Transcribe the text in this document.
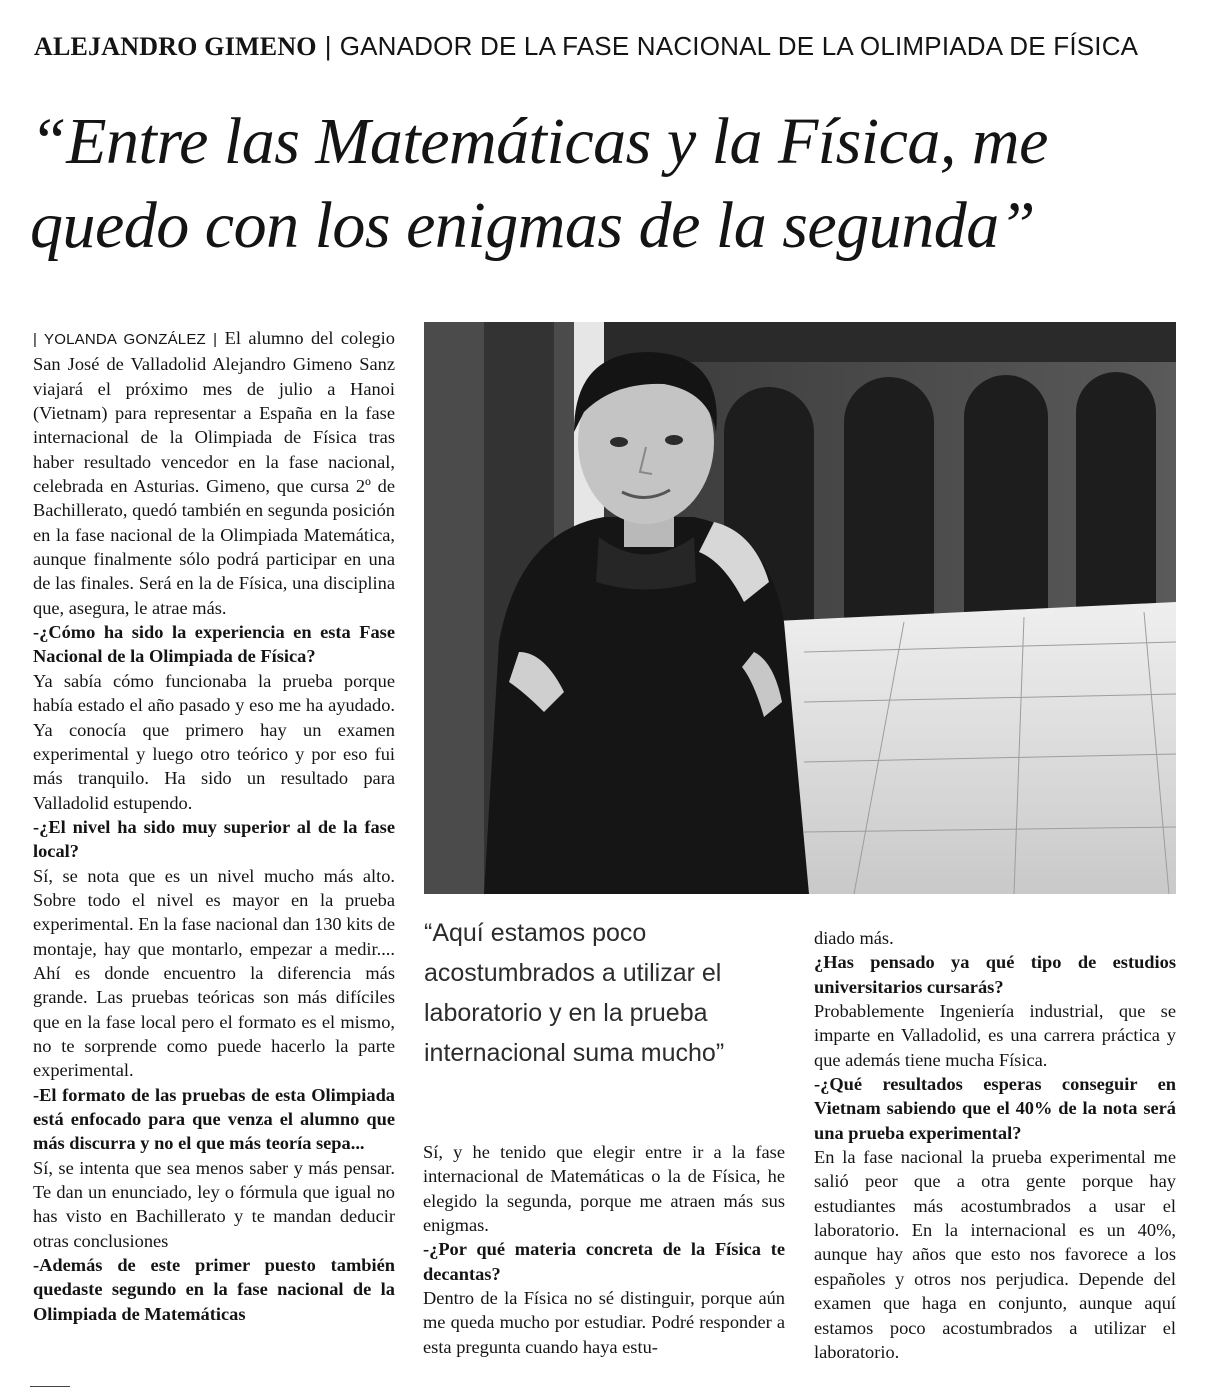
ALEJANDRO GIMENO | GANADOR DE LA FASE NACIONAL DE LA OLIMPIADA DE FÍSICA
“Entre las Matemáticas y la Física, me quedo con los enigmas de la segunda”

| YOLANDA GONZÁLEZ | El alumno del colegio San José de Valladolid Alejandro Gimeno Sanz viajará el próximo mes de julio a Hanoi (Vietnam) para representar a España en la fase internacional de la Olimpiada de Física tras haber resultado vencedor en la fase nacional, celebrada en Asturias. Gimeno, que cursa 2º de Bachillerato, quedó también en segunda posición en la fase nacional de la Olimpiada Matemática, aunque finalmente sólo podrá participar en una de las finales. Será en la de Física, una disciplina que, asegura, le atrae más.

-¿Cómo ha sido la experiencia en esta Fase Nacional de la Olimpiada de Física?

Ya sabía cómo funcionaba la prueba porque había estado el año pasado y eso me ha ayudado. Ya conocía que primero hay un examen experimental y luego otro teórico y por eso fui más tranquilo. Ha sido un resultado para Valladolid estupendo.

-¿El nivel ha sido muy superior al de la fase local?

Sí, se nota que es un nivel mucho más alto. Sobre todo el nivel es mayor en la prueba experimental. En la fase nacional dan 130 kits de montaje, hay que montarlo, empezar a medir.... Ahí es donde encuentro la diferencia más grande. Las pruebas teóricas son más difíciles que en la fase local pero el formato es el mismo, no te sorprende como puede hacerlo la parte experimental.

-El formato de las pruebas de esta Olimpiada está enfocado para que venza el alumno que más discurra y no el que más teoría sepa...

Sí, se intenta que sea menos saber y más pensar. Te dan un enunciado, ley o fórmula que igual no has visto en Bachillerato y te mandan deducir otras conclusiones

-Además de este primer puesto también quedaste segundo en la fase nacional de la Olimpiada de Matemáticas

“Aquí estamos poco acostumbrados a utilizar el laboratorio y en la prueba internacional suma mucho”

Sí, y he tenido que elegir entre ir a la fase internacional de Matemáticas o la de Física, he elegido la segunda, porque me atraen más sus enigmas.

-¿Por qué materia concreta de la Física te decantas?

Dentro de la Física no sé distinguir, porque aún me queda mucho por estudiar. Podré responder a esta pregunta cuando haya estu-

diado más.

¿Has pensado ya qué tipo de estudios universitarios cursarás?

Probablemente Ingeniería industrial, que se imparte en Valladolid, es una carrera práctica y que además tiene mucha Física.

-¿Qué resultados esperas conseguir en Vietnam sabiendo que el 40% de la nota será una prueba experimental?

En la fase nacional la prueba experimental me salió peor que a otra gente porque hay estudiantes más acostumbrados a usar el laboratorio. En la internacional es un 40%, aunque hay años que esto nos favorece a los españoles y otros nos perjudica. Depende del examen que haga en conjunto, aunque aquí estamos poco acostumbrados a utilizar el laboratorio.
